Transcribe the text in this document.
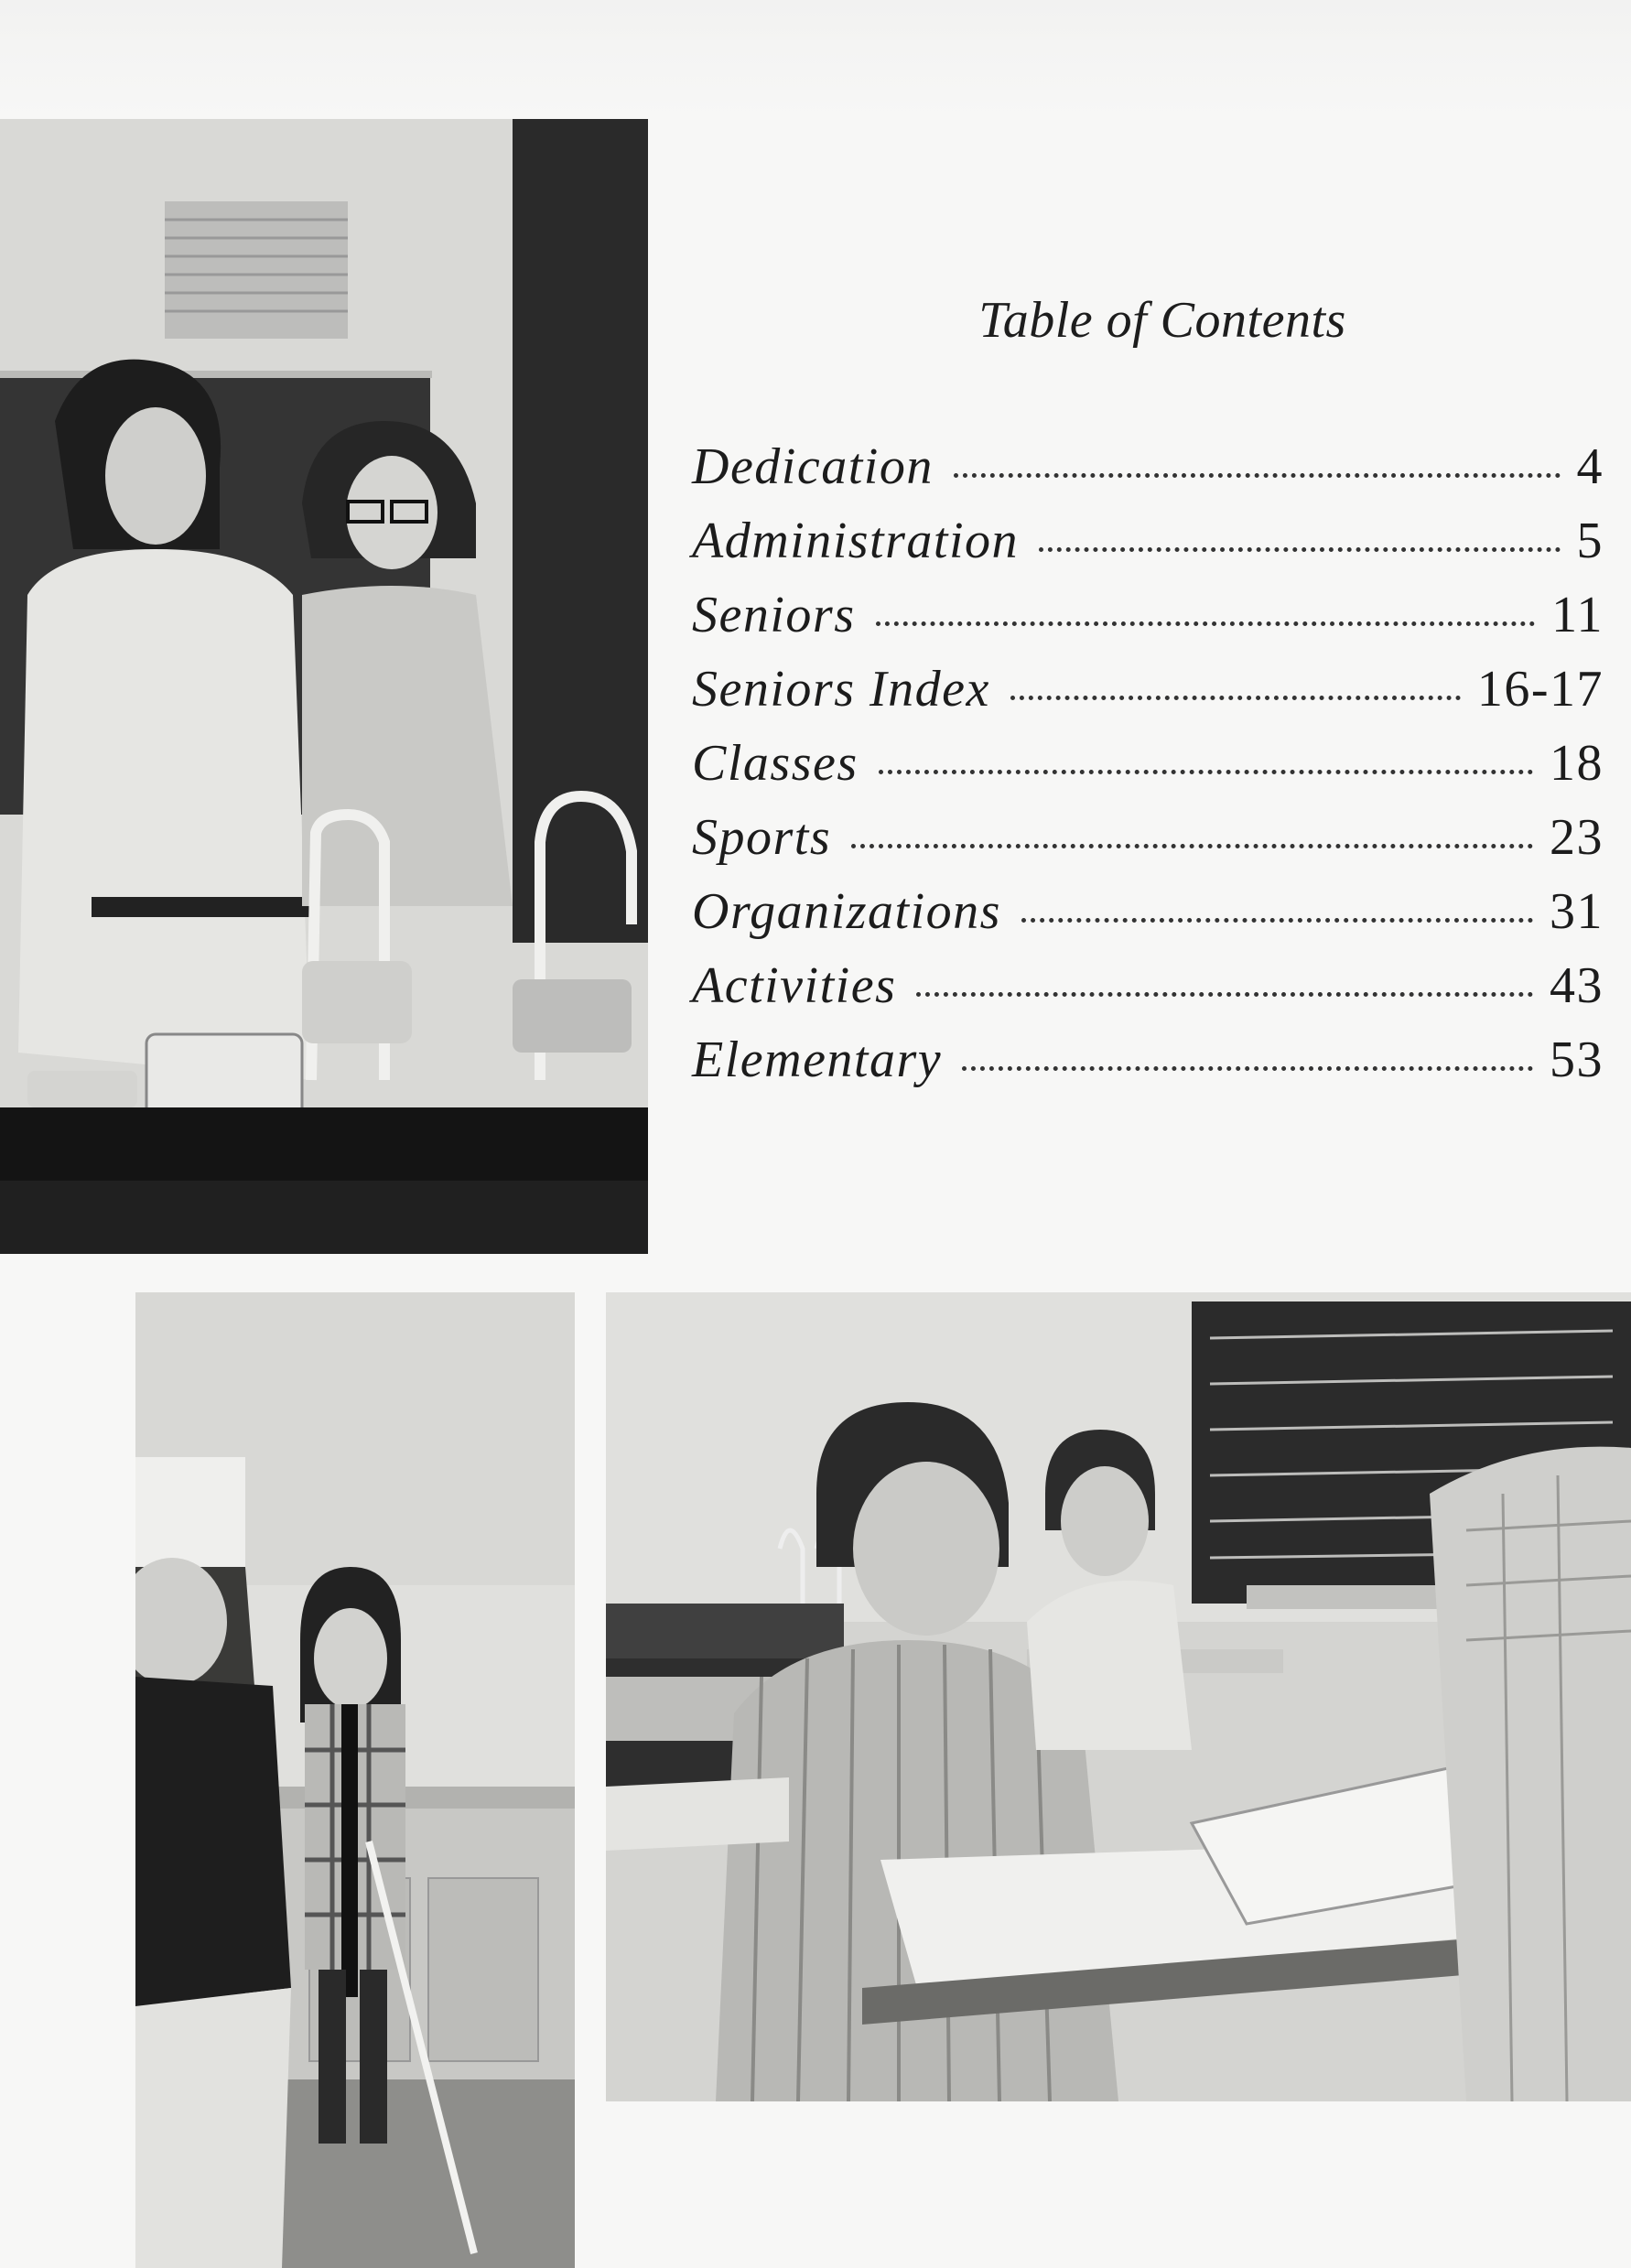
Table of Contents
Dedication	4
Administration	5
Seniors	11
Seniors Index	16-17
Classes	18
Sports	23
Organizations	31
Activities	43
Elementary	53
